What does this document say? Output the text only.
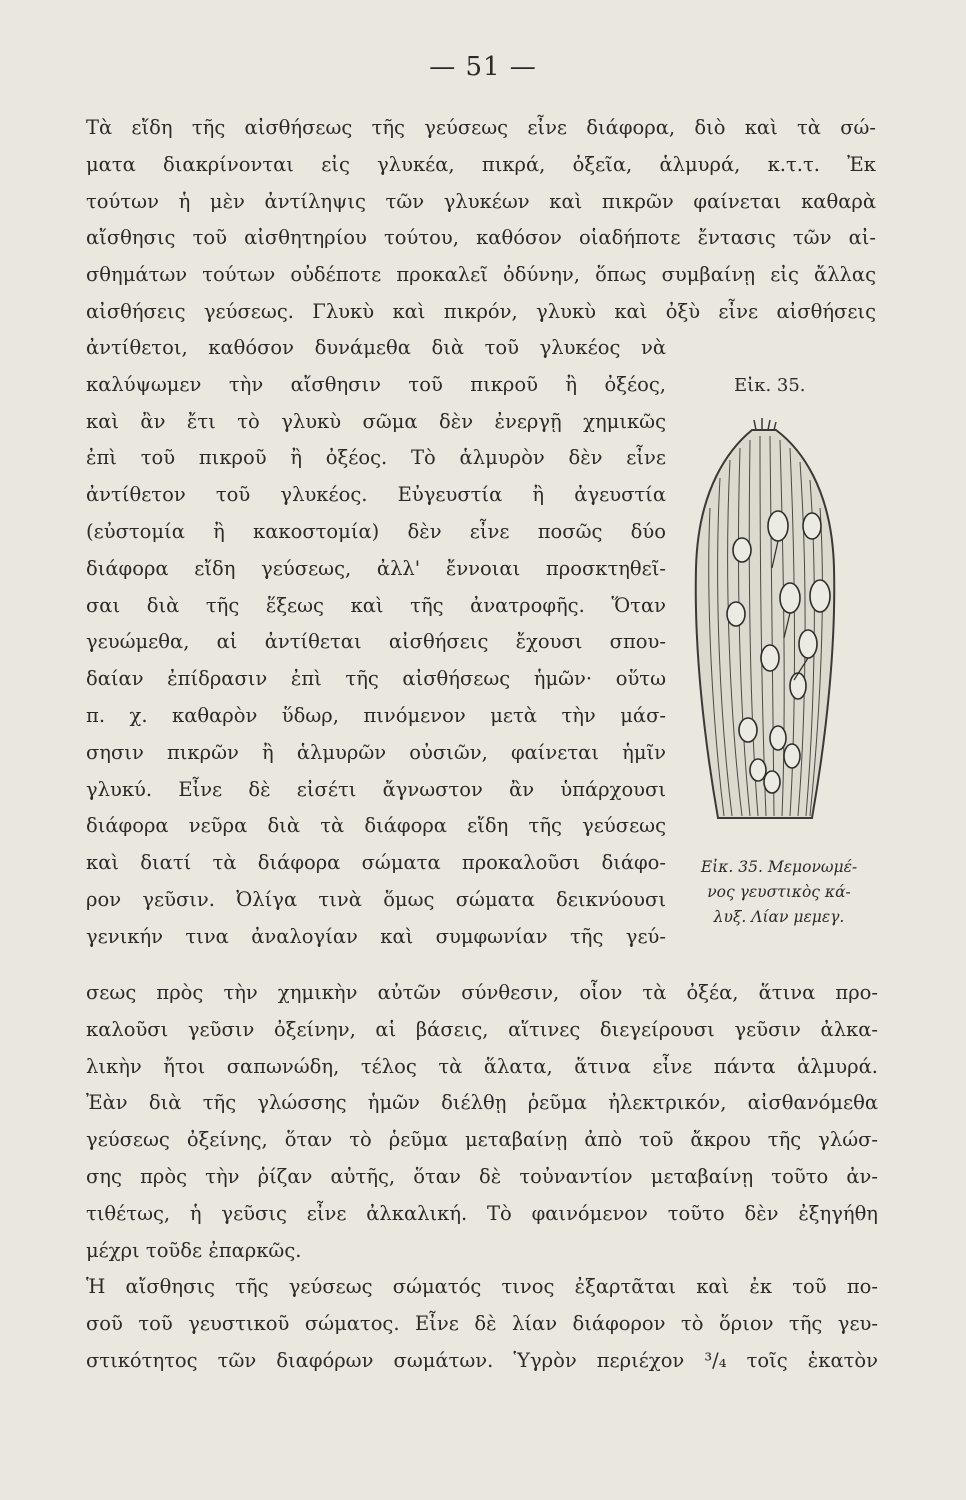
— 51 —
Τὰ εἴδη τῆς αἰσθήσεως τῆς γεύσεως εἶνε διάφορα, διὸ καὶ τὰ σώ-
ματα διακρίνονται εἰς γλυκέα, πικρά, ὀξεῖα, ἁλμυρά, κ.τ.τ. Ἐκ
τούτων ἡ μὲν ἀντίληψις τῶν γλυκέων καὶ πικρῶν φαίνεται καθαρὰ
αἴσθησις τοῦ αἰσθητηρίου τούτου, καθόσον οἱαδήποτε ἔντασις τῶν αἰ-
σθημάτων τούτων οὐδέποτε προκαλεῖ ὀδύνην, ὅπως συμβαίνῃ εἰς ἄλλας
αἰσθήσεις γεύσεως. Γλυκὺ καὶ πικρόν, γλυκὺ καὶ ὀξὺ εἶνε αἰσθήσεις
ἀντίθετοι, καθόσον δυνάμεθα διὰ τοῦ γλυκέος νὰ
καλύψωμεν τὴν αἴσθησιν τοῦ πικροῦ ἢ ὀξέος,
καὶ ἂν ἔτι τὸ γλυκὺ σῶμα δὲν ἐνεργῇ χημικῶς
ἐπὶ τοῦ πικροῦ ἢ ὀξέος. Τὸ ἁλμυρὸν δὲν εἶνε
ἀντίθετον τοῦ γλυκέος. Εὐγευστία ἢ ἀγευστία
(εὐστομία ἢ κακοστομία) δὲν εἶνε ποσῶς δύο
διάφορα εἴδη γεύσεως, ἀλλ' ἔννοιαι προσκτηθεῖ-
σαι διὰ τῆς ἕξεως καὶ τῆς ἀνατροφῆς. Ὅταν
γευώμεθα, αἱ ἀντίθεται αἰσθήσεις ἔχουσι σπου-
δαίαν ἐπίδρασιν ἐπὶ τῆς αἰσθήσεως ἡμῶν· οὕτω
π. χ. καθαρὸν ὕδωρ, πινόμενον μετὰ τὴν μάσ-
σησιν πικρῶν ἢ ἁλμυρῶν οὐσιῶν, φαίνεται ἡμῖν
γλυκύ. Εἶνε δὲ εἰσέτι ἄγνωστον ἂν ὑπάρχουσι
διάφορα νεῦρα διὰ τὰ διάφορα εἴδη τῆς γεύσεως
καὶ διατί τὰ διάφορα σώματα προκαλοῦσι διάφο-
ρον γεῦσιν. Ὀλίγα τινὰ ὅμως σώματα δεικνύουσι
γενικήν τινα ἀναλογίαν καὶ συμφωνίαν τῆς γεύ-
σεως πρὸς τὴν χημικὴν αὐτῶν σύνθεσιν, οἷον τὰ ὀξέα, ἅτινα προ-
καλοῦσι γεῦσιν ὀξείνην, αἱ βάσεις, αἵτινες διεγείρουσι γεῦσιν ἀλκα-
λικὴν ἤτοι σαπωνώδη, τέλος τὰ ἅλατα, ἅτινα εἶνε πάντα ἁλμυρά.
Ἐὰν διὰ τῆς γλώσσης ἡμῶν διέλθῃ ῥεῦμα ἠλεκτρικόν, αἰσθανόμεθα
γεύσεως ὀξείνης, ὅταν τὸ ῥεῦμα μεταβαίνῃ ἀπὸ τοῦ ἄκρου τῆς γλώσ-
σης πρὸς τὴν ῥίζαν αὐτῆς, ὅταν δὲ τοὐναντίον μεταβαίνῃ τοῦτο ἀν-
τιθέτως, ἡ γεῦσις εἶνε ἀλκαλική. Τὸ φαινόμενον τοῦτο δὲν ἐξηγήθη
μέχρι τοῦδε ἐπαρκῶς.
Ἡ αἴσθησις τῆς γεύσεως σώματός τινος ἐξαρτᾶται καὶ ἐκ τοῦ πο-
σοῦ τοῦ γευστικοῦ σώματος. Εἶνε δὲ λίαν διάφορον τὸ ὅριον τῆς γευ-
στικότητος τῶν διαφόρων σωμάτων. Ὑγρὸν περιέχον ³/₄ τοῖς ἑκατὸν
Εἰκ. 35.
Εἰκ. 35. Μεμονωμέ-
νος γευστικὸς κά-
λυξ. Λίαν μεμεγ.
